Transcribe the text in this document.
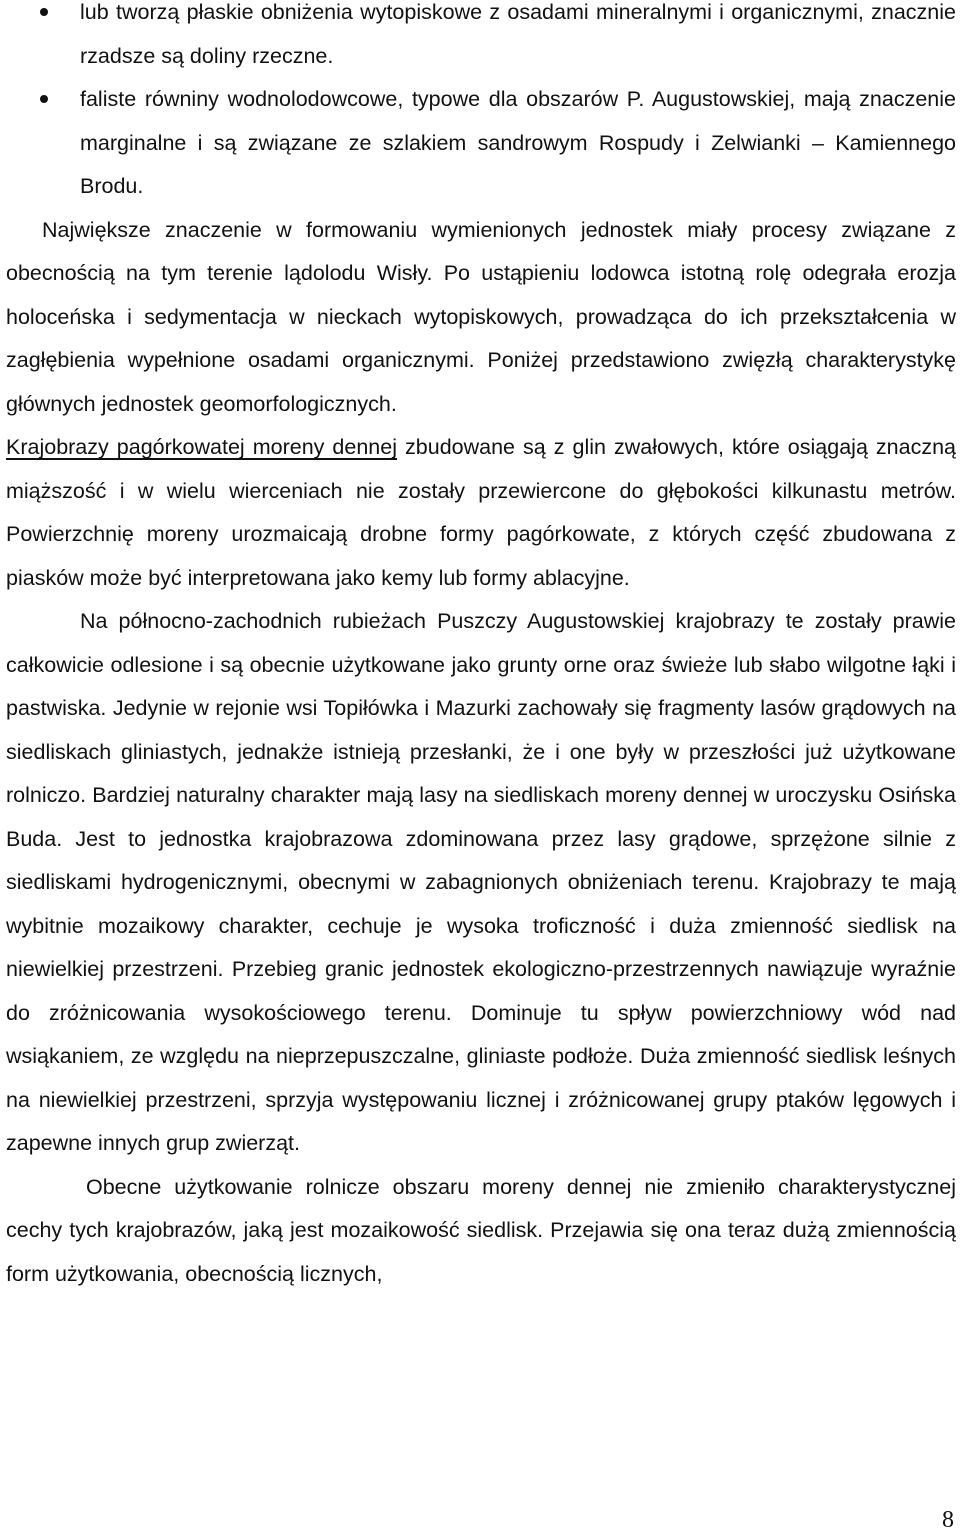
lub tworzą płaskie obniżenia wytopiskowe z osadami mineralnymi i organicznymi, znacznie rzadsze są doliny rzeczne.
faliste równiny wodnolodowcowe, typowe dla obszarów P. Augustowskiej, mają znaczenie marginalne i są związane ze szlakiem sandrowym Rospudy i Zelwianki – Kamiennego Brodu.

Największe znaczenie w formowaniu wymienionych jednostek miały procesy związane z obecnością na tym terenie lądolodu Wisły. Po ustąpieniu lodowca istotną rolę odegrała erozja holoceńska i sedymentacja w nieckach wytopiskowych, prowadząca do ich przekształcenia w zagłębienia wypełnione osadami organicznymi. Poniżej przedstawiono zwięzłą charakterystykę głównych jednostek geomorfologicznych.

Krajobrazy pagórkowatej moreny dennej zbudowane są z glin zwałowych, które osiągają znaczną miąższość i w wielu wierceniach nie zostały przewiercone do głębokości kilkunastu metrów. Powierzchnię moreny urozmaicają drobne formy pagórkowate, z których część zbudowana z piasków może być interpretowana jako kemy lub formy ablacyjne.

Na północno-zachodnich rubieżach Puszczy Augustowskiej krajobrazy te zostały prawie całkowicie odlesione i są obecnie użytkowane jako grunty orne oraz świeże lub słabo wilgotne łąki i pastwiska. Jedynie w rejonie wsi Topiłówka i Mazurki zachowały się fragmenty lasów grądowych na siedliskach gliniastych, jednakże istnieją przesłanki, że i one były w przeszłości już użytkowane rolniczo. Bardziej naturalny charakter mają lasy na siedliskach moreny dennej w uroczysku Osińska Buda. Jest to jednostka krajobrazowa zdominowana przez lasy grądowe, sprzężone silnie z siedliskami hydrogenicznymi, obecnymi w zabagnionych obniżeniach terenu. Krajobrazy te mają wybitnie mozaikowy charakter, cechuje je wysoka troficzność i duża zmienność siedlisk na niewielkiej przestrzeni. Przebieg granic jednostek ekologiczno-przestrzennych nawiązuje wyraźnie do zróżnicowania wysokościowego terenu. Dominuje tu spływ powierzchniowy wód nad wsiąkaniem, ze względu na nieprzepuszczalne, gliniaste podłoże. Duża zmienność siedlisk leśnych na niewielkiej przestrzeni, sprzyja występowaniu licznej i zróżnicowanej grupy ptaków lęgowych i zapewne innych grup zwierząt.

Obecne użytkowanie rolnicze obszaru moreny dennej nie zmieniło charakterystycznej cechy tych krajobrazów, jaką jest mozaikowość siedlisk. Przejawia się ona teraz dużą zmiennością form użytkowania, obecnością licznych,

8
